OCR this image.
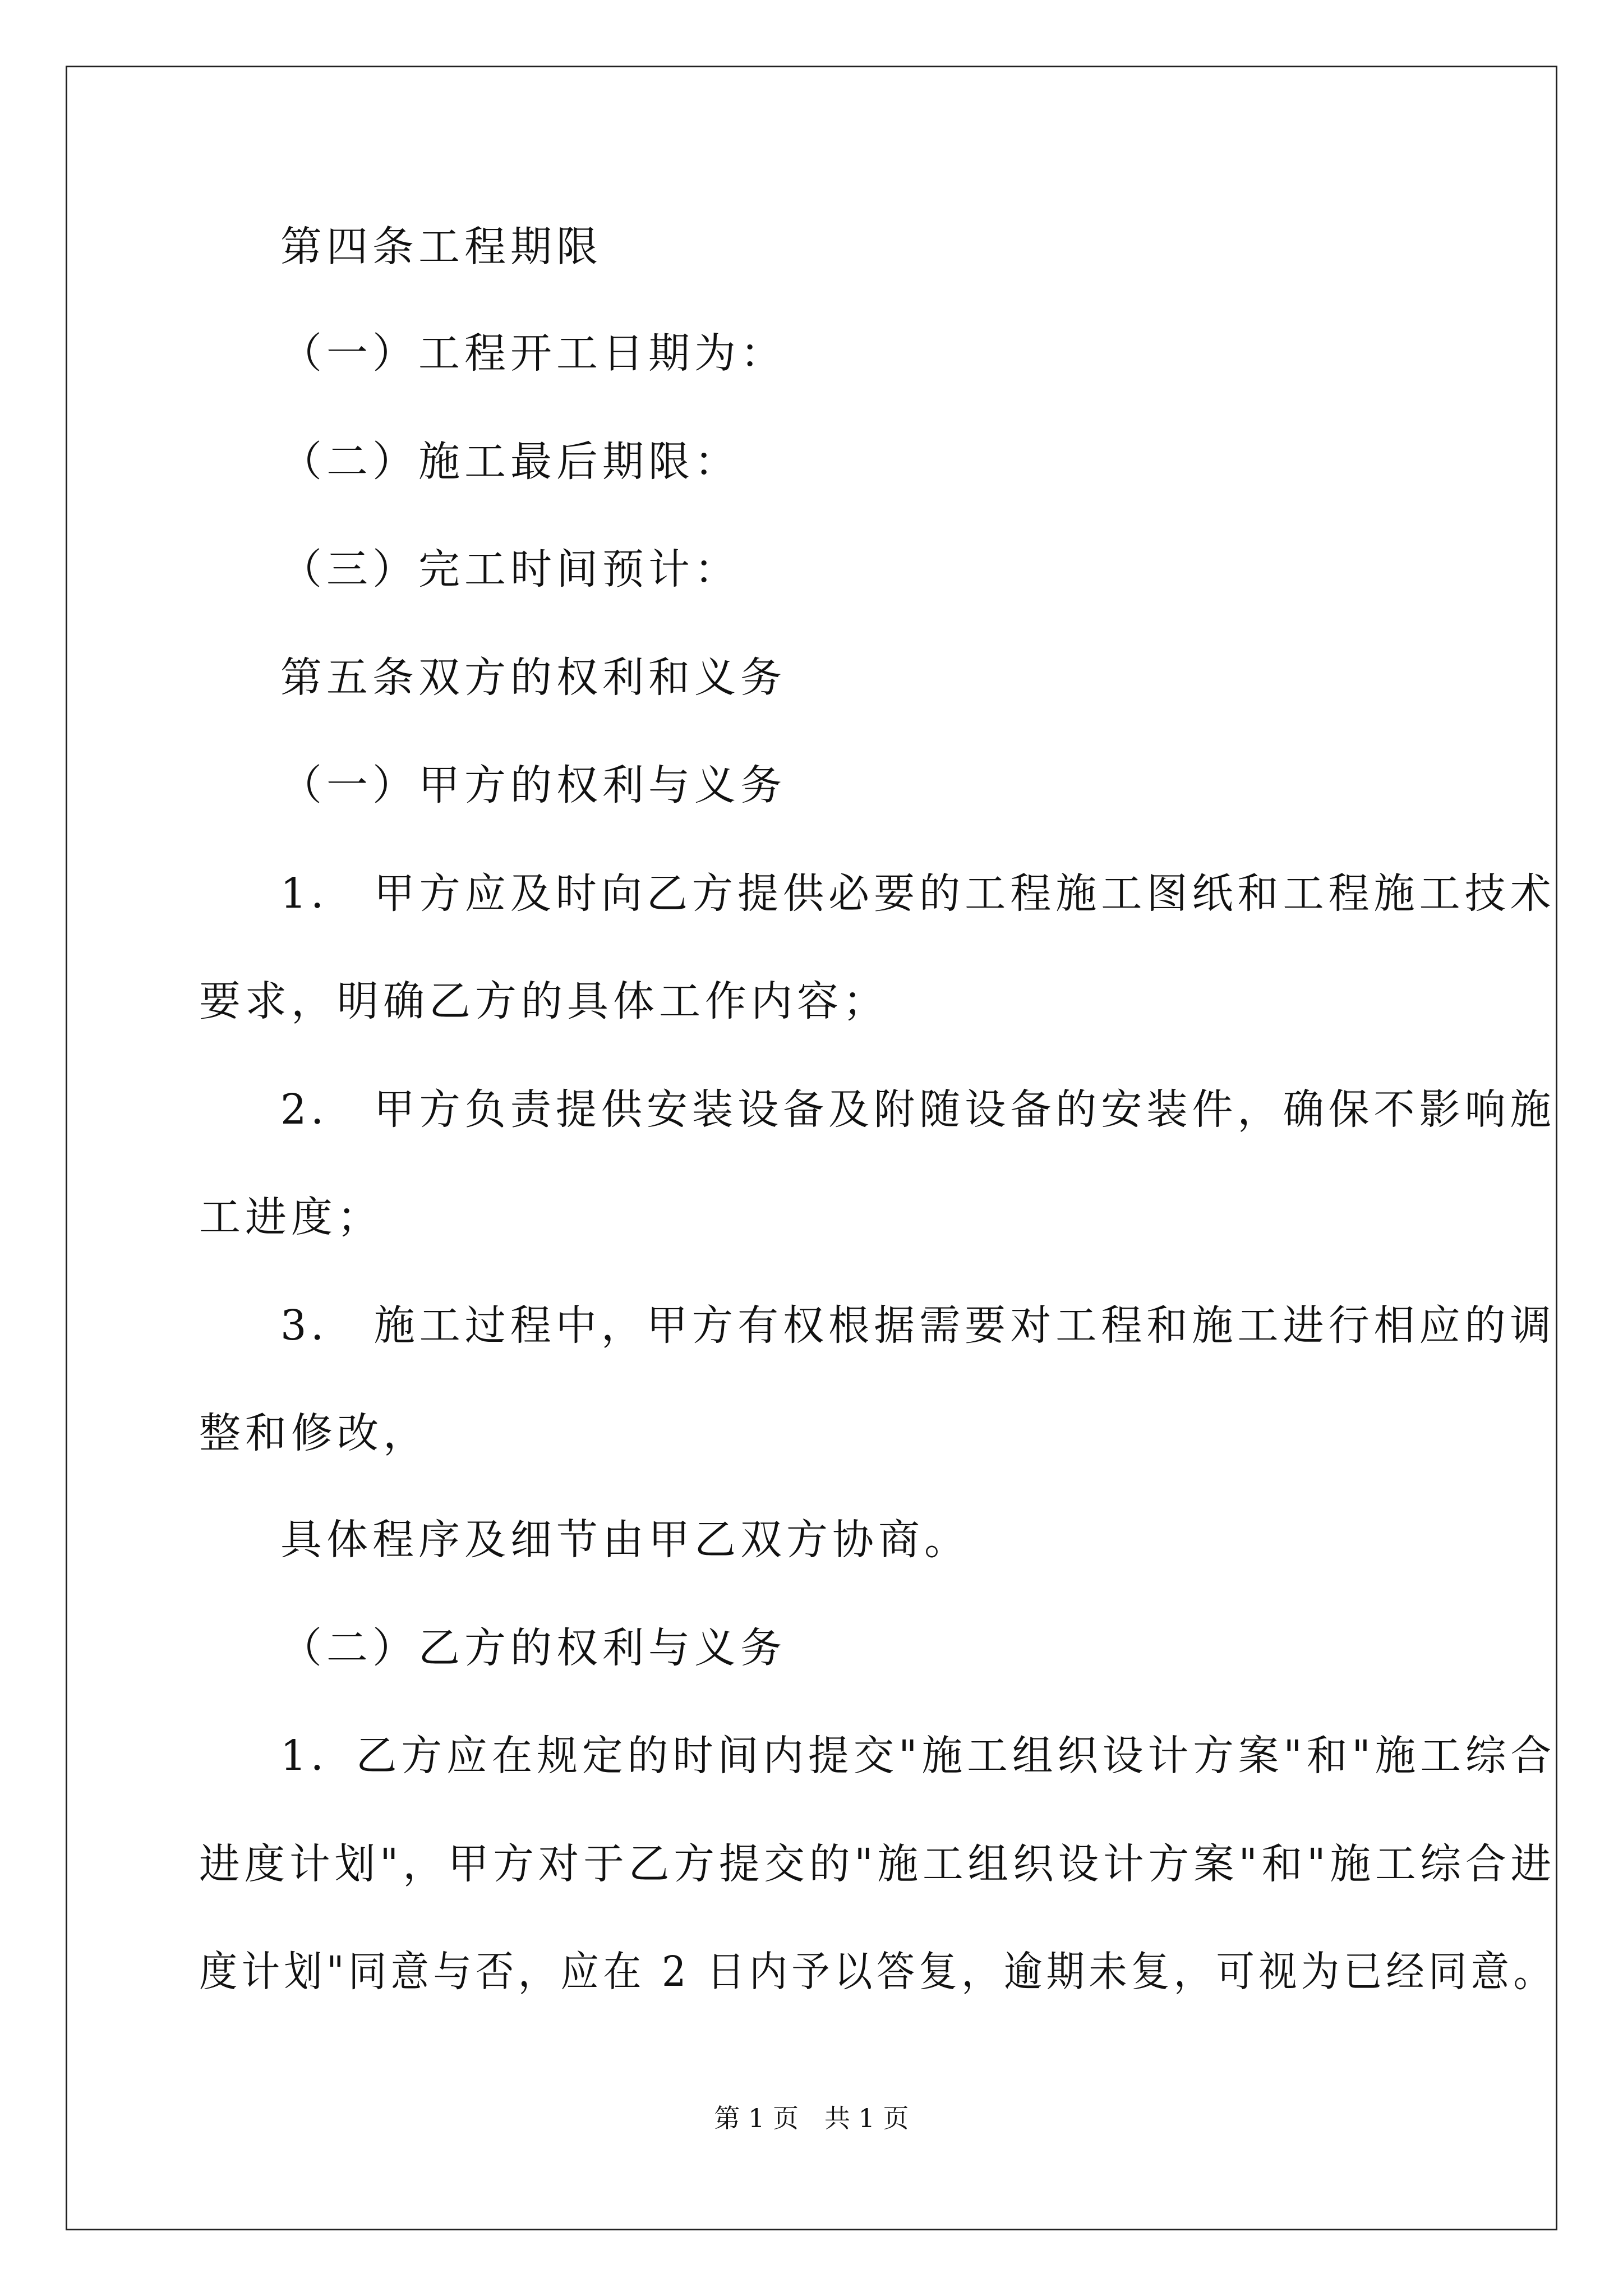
第四条工程期限
（一）工程开工日期为：
（二）施工最后期限：
（三）完工时间预计：
第五条双方的权利和义务
（一）甲方的权利与义务
1． 甲方应及时向乙方提供必要的工程施工图纸和工程施工技术
要求，明确乙方的具体工作内容；
2． 甲方负责提供安装设备及附随设备的安装件，确保不影响施
工进度；
3． 施工过程中，甲方有权根据需要对工程和施工进行相应的调
整和修改，
具体程序及细节由甲乙双方协商。
（二）乙方的权利与义务
1．乙方应在规定的时间内提交"施工组织设计方案"和"施工综合
进度计划"，甲方对于乙方提交的"施工组织设计方案"和"施工综合进
度计划"同意与否，应在 2 日内予以答复，逾期未复，可视为已经同意。
第 1 页　共 1 页
